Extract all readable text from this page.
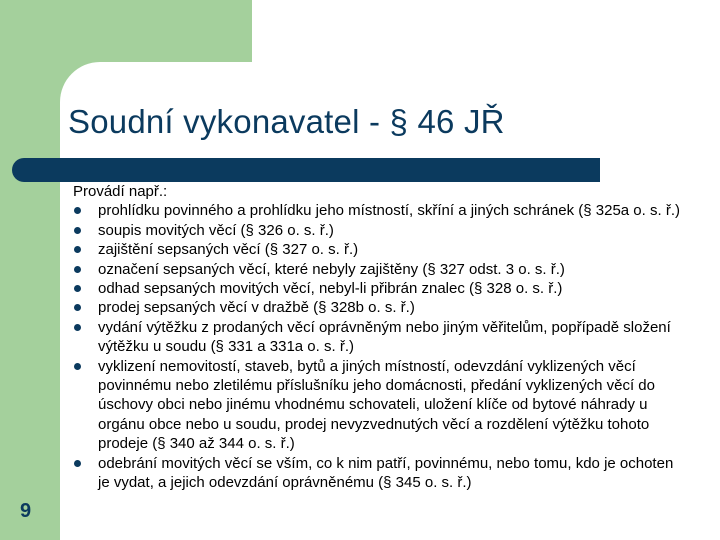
Soudní vykonavatel - § 46 JŘ

Provádí např.:

prohlídku povinného a prohlídku jeho místností, skříní a jiných schránek (§ 325a o. s. ř.)
soupis movitých věcí (§ 326 o. s. ř.)
zajištění sepsaných věcí (§ 327 o. s. ř.)
označení sepsaných věcí, které nebyly zajištěny (§ 327 odst. 3 o. s. ř.)
odhad sepsaných movitých věcí, nebyl-li přibrán znalec (§ 328 o. s. ř.)
prodej sepsaných věcí v dražbě (§ 328b o. s. ř.)
vydání výtěžku z prodaných věcí oprávněným nebo jiným věřitelům, popřípadě složení výtěžku u soudu (§ 331 a 331a o. s. ř.)
vyklizení nemovitostí, staveb, bytů a jiných místností, odevzdání vyklizených věcí povinnému nebo zletilému příslušníku jeho domácnosti, předání vyklizených věcí do úschovy obci nebo jinému vhodnému schovateli, uložení klíče od bytové náhrady u orgánu obce nebo u soudu, prodej nevyzvednutých věcí a rozdělení výtěžku tohoto prodeje (§ 340 až 344 o. s. ř.)
odebrání movitých věcí se vším, co k nim patří, povinnému, nebo tomu, kdo je ochoten je vydat, a jejich odevzdání oprávněnému (§ 345 o. s. ř.)
9
